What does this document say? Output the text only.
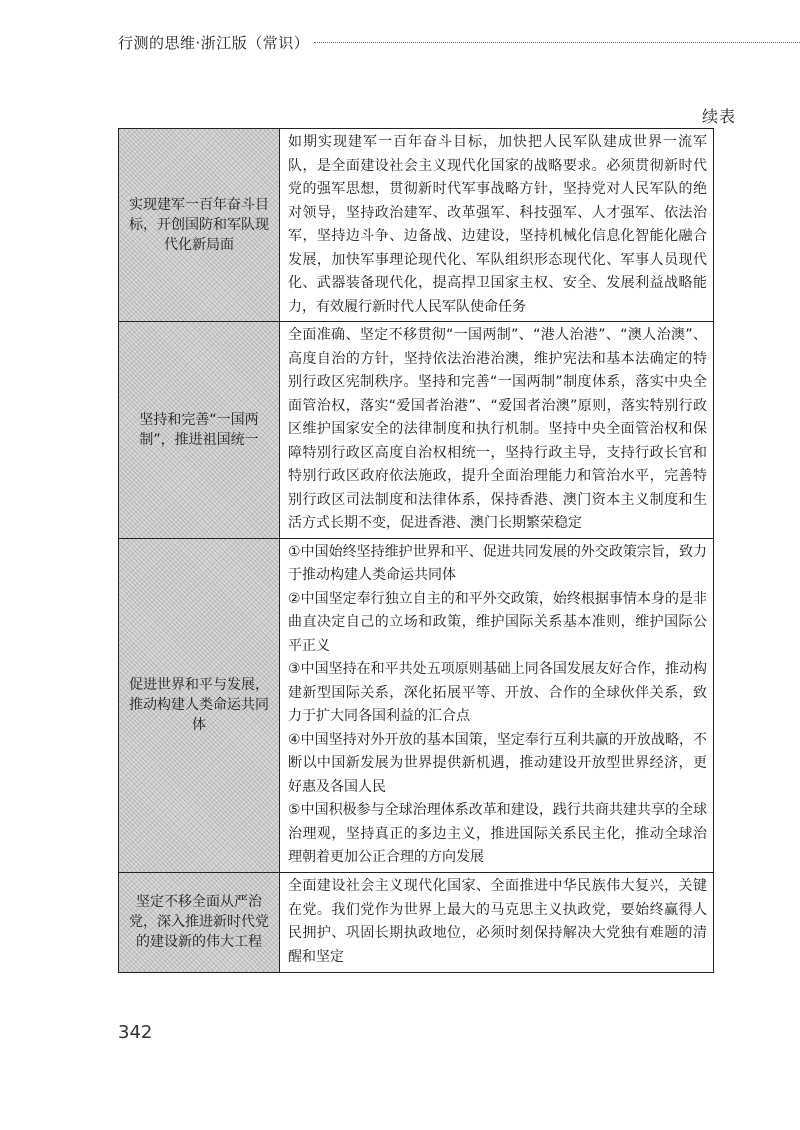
行测的思维·浙江版（常识）
续表
实现建军一百年奋斗目标，开创国防和军队现代化新局面	如期实现建军一百年奋斗目标，加快把人民军队建成世界一流军队，是全面建设社会主义现代化国家的战略要求。必须贯彻新时代党的强军思想，贯彻新时代军事战略方针，坚持党对人民军队的绝对领导，坚持政治建军、改革强军、科技强军、人才强军、依法治军，坚持边斗争、边备战、边建设，坚持机械化信息化智能化融合发展，加快军事理论现代化、军队组织形态现代化、军事人员现代化、武器装备现代化，提高捍卫国家主权、安全、发展利益战略能力，有效履行新时代人民军队使命任务

坚持和完善“一国两制”，推进祖国统一	全面准确、坚定不移贯彻“一国两制”、“港人治港”、“澳人治澳”、高度自治的方针，坚持依法治港治澳，维护宪法和基本法确定的特别行政区宪制秩序。坚持和完善“一国两制”制度体系，落实中央全面管治权，落实“爱国者治港”、“爱国者治澳”原则，落实特别行政区维护国家安全的法律制度和执行机制。坚持中央全面管治权和保障特别行政区高度自治权相统一，坚持行政主导，支持行政长官和特别行政区政府依法施政，提升全面治理能力和管治水平，完善特别行政区司法制度和法律体系，保持香港、澳门资本主义制度和生活方式长期不变，促进香港、澳门长期繁荣稳定

促进世界和平与发展，推动构建人类命运共同体	①中国始终坚持维护世界和平、促进共同发展的外交政策宗旨，致力于推动构建人类命运共同体

②中国坚定奉行独立自主的和平外交政策，始终根据事情本身的是非曲直决定自己的立场和政策，维护国际关系基本准则，维护国际公平正义

③中国坚持在和平共处五项原则基础上同各国发展友好合作，推动构建新型国际关系，深化拓展平等、开放、合作的全球伙伴关系，致力于扩大同各国利益的汇合点

④中国坚持对外开放的基本国策，坚定奉行互利共赢的开放战略，不断以中国新发展为世界提供新机遇，推动建设开放型世界经济，更好惠及各国人民

⑤中国积极参与全球治理体系改革和建设，践行共商共建共享的全球治理观，坚持真正的多边主义，推进国际关系民主化，推动全球治理朝着更加公正合理的方向发展

坚定不移全面从严治党，深入推进新时代党的建设新的伟大工程	全面建设社会主义现代化国家、全面推进中华民族伟大复兴，关键在党。我们党作为世界上最大的马克思主义执政党，要始终赢得人民拥护、巩固长期执政地位，必须时刻保持解决大党独有难题的清醒和坚定

342
